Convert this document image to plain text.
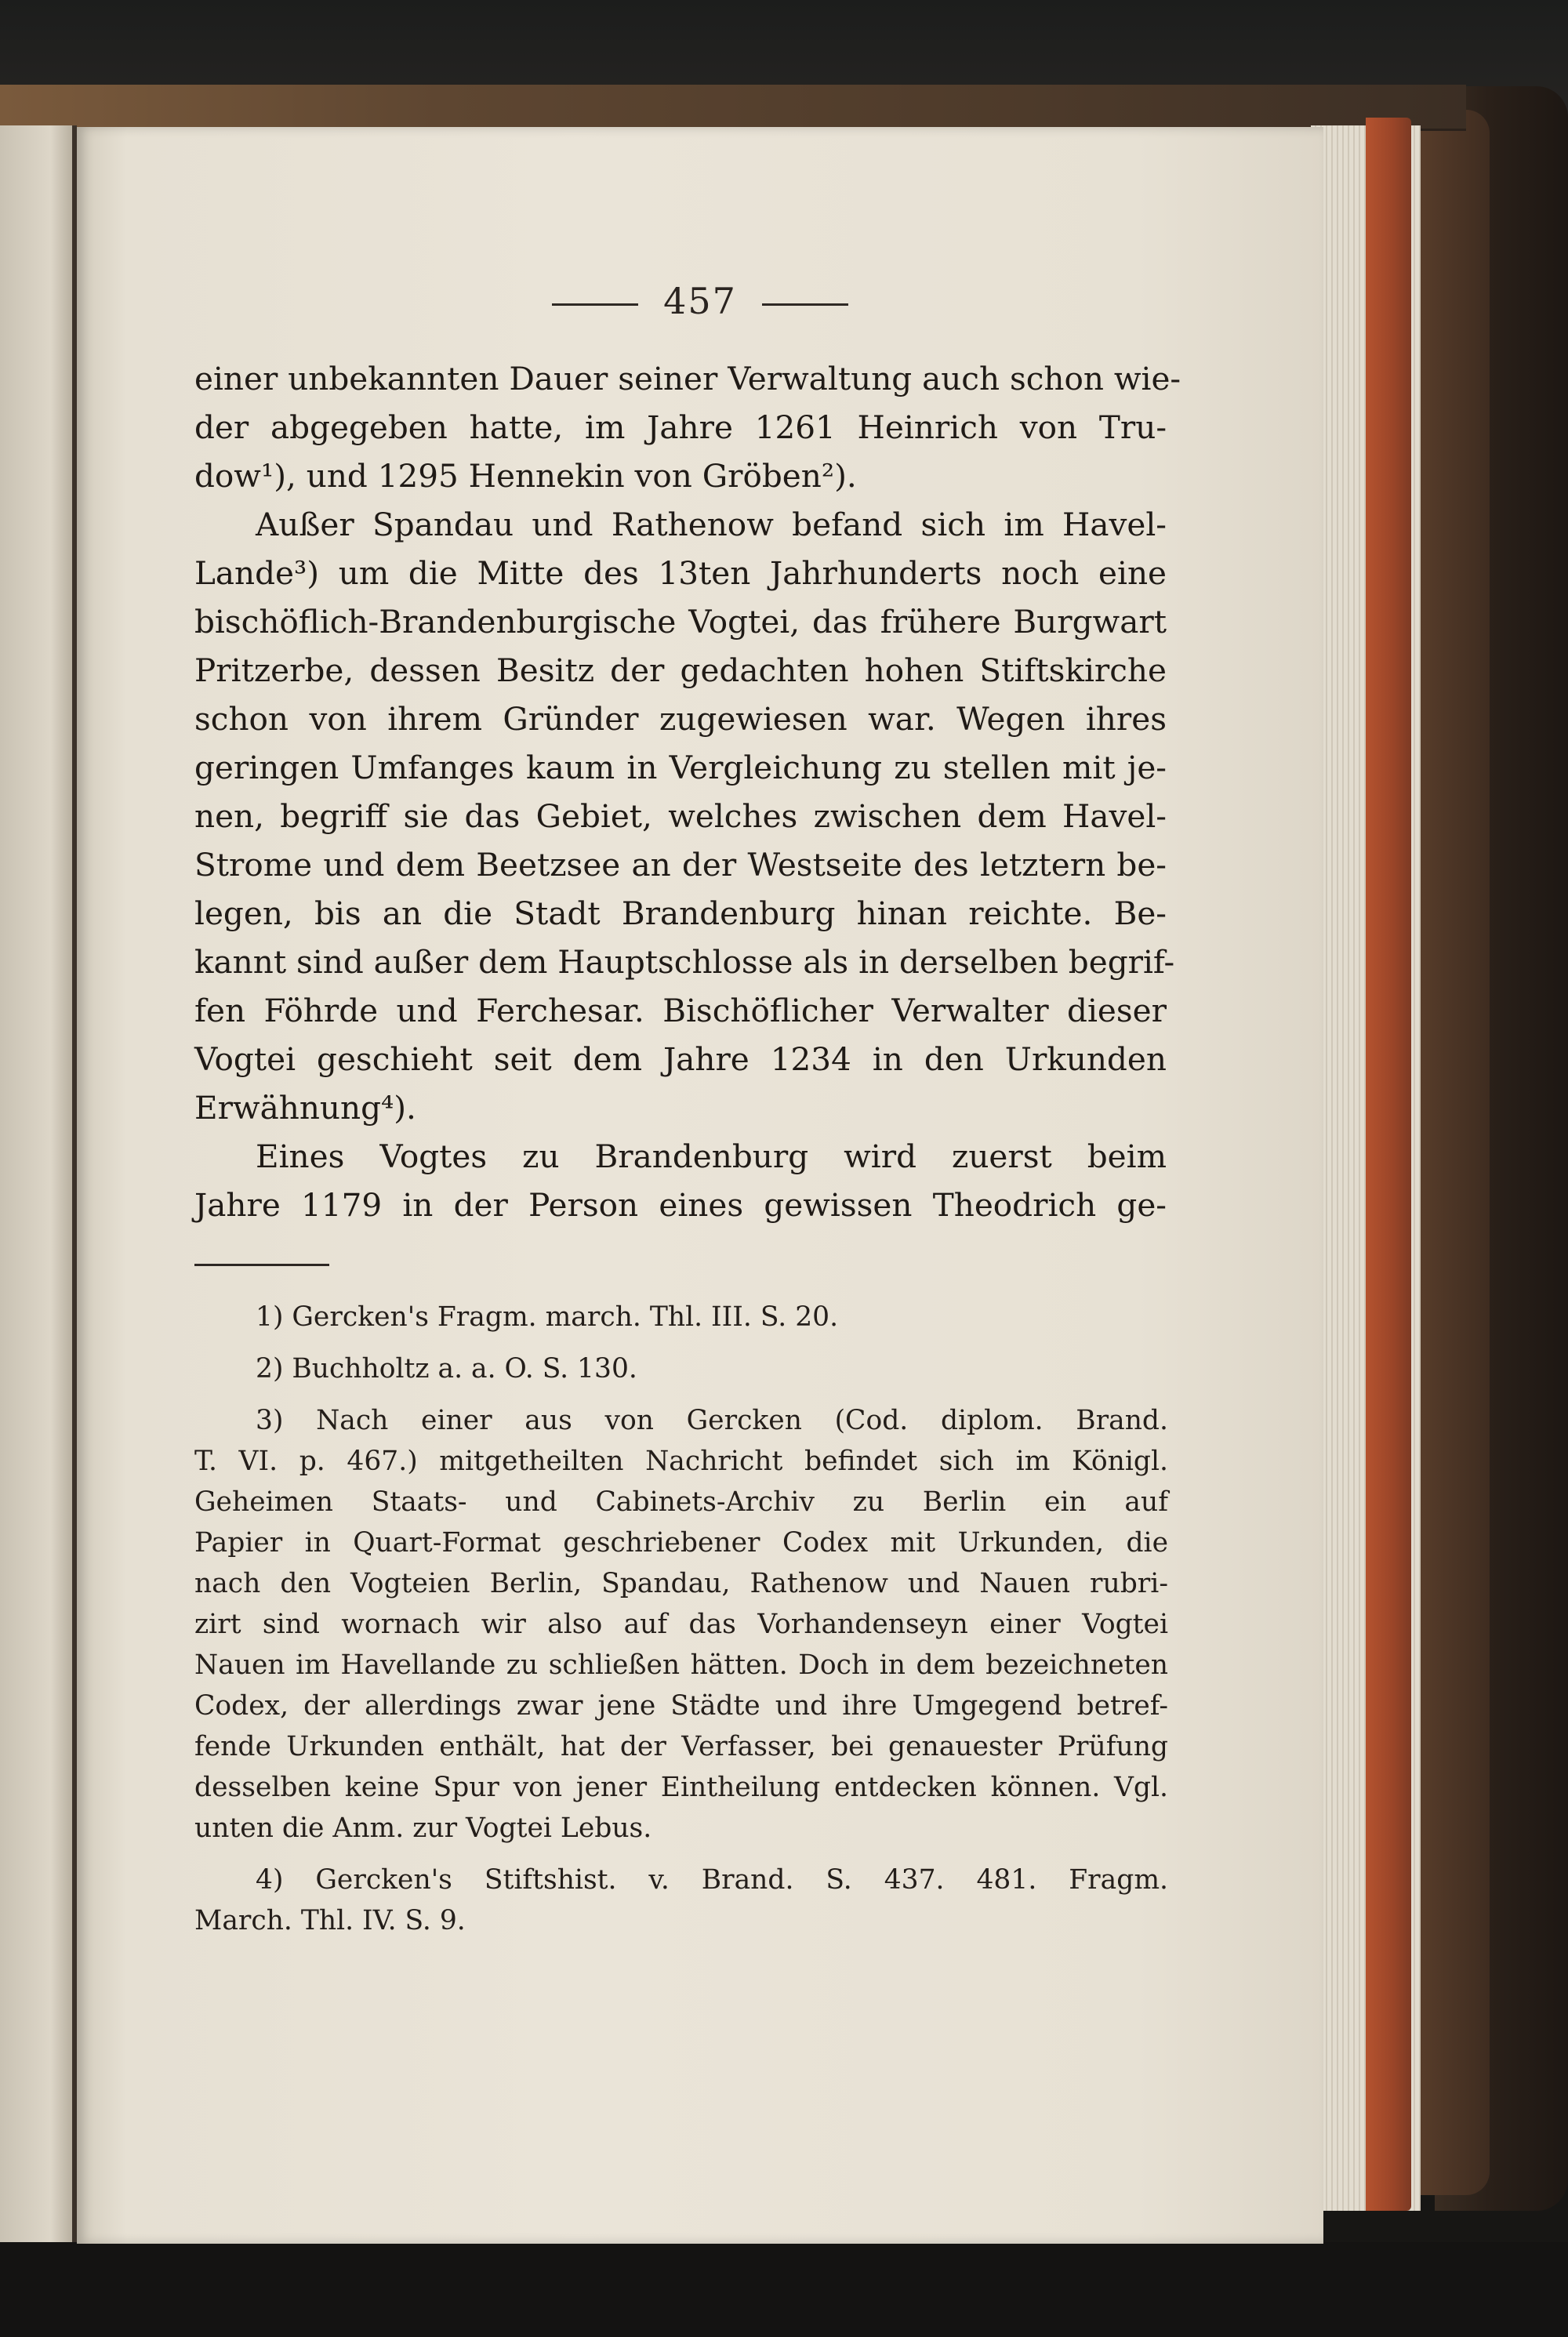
457
einer unbekannten Dauer seiner Verwaltung auch schon wie-
der abgegeben hatte, im Jahre 1261 Heinrich von Tru-
dow¹), und 1295 Hennekin von Gröben²).
Außer Spandau und Rathenow befand sich im Havel-
Lande³) um die Mitte des 13ten Jahrhunderts noch eine
bischöflich-Brandenburgische Vogtei, das frühere Burgwart
Pritzerbe, dessen Besitz der gedachten hohen Stiftskirche
schon von ihrem Gründer zugewiesen war. Wegen ihres
geringen Umfanges kaum in Vergleichung zu stellen mit je-
nen, begriff sie das Gebiet, welches zwischen dem Havel-
Strome und dem Beetzsee an der Westseite des letztern be-
legen, bis an die Stadt Brandenburg hinan reichte. Be-
kannt sind außer dem Hauptschlosse als in derselben begrif-
fen Föhrde und Ferchesar. Bischöflicher Verwalter dieser
Vogtei geschieht seit dem Jahre 1234 in den Urkunden
Erwähnung⁴).
Eines Vogtes zu Brandenburg wird zuerst beim
Jahre 1179 in der Person eines gewissen Theodrich ge-
1) Gercken's Fragm. march. Thl. III. S. 20.
2) Buchholtz a. a. O. S. 130.
3) Nach einer aus von Gercken (Cod. diplom. Brand.
T. VI. p. 467.) mitgetheilten Nachricht befindet sich im Königl.
Geheimen Staats- und Cabinets-Archiv zu Berlin ein auf
Papier in Quart-Format geschriebener Codex mit Urkunden, die
nach den Vogteien Berlin, Spandau, Rathenow und Nauen rubri-
zirt sind wornach wir also auf das Vorhandenseyn einer Vogtei
Nauen im Havellande zu schließen hätten. Doch in dem bezeichneten
Codex, der allerdings zwar jene Städte und ihre Umgegend betref-
fende Urkunden enthält, hat der Verfasser, bei genauester Prüfung
desselben keine Spur von jener Eintheilung entdecken können. Vgl.
unten die Anm. zur Vogtei Lebus.
4) Gercken's Stiftshist. v. Brand. S. 437. 481. Fragm.
March. Thl. IV. S. 9.
